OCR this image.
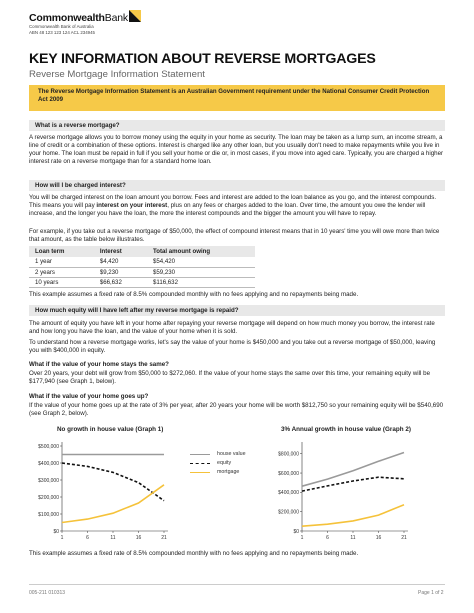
CommonwealthBank
Commonwealth Bank of Australia
ABN 48 123 123 124 ACL 234945
KEY INFORMATION ABOUT REVERSE MORTGAGES
Reverse Mortgage Information Statement
The Reverse Mortgage Information Statement is an Australian Government requirement under the National Consumer Credit Protection Act 2009
What is a reverse mortgage?
A reverse mortgage allows you to borrow money using the equity in your home as security. The loan may be taken as a lump sum, an income stream, a line of credit or a combination of these options. Interest is charged like any other loan, but you usually don't need to make repayments while you live in your home. The loan must be repaid in full if you sell your home or die or, in most cases, if you move into aged care. Typically, you are charged a higher interest rate on a reverse mortgage than for a standard home loan.
How will I be charged interest?
You will be charged interest on the loan amount you borrow. Fees and interest are added to the loan balance as you go, and the interest compounds. This means you will pay interest on your interest, plus on any fees or charges added to the loan. Over time, the amount you owe the lender will increase, and the longer you have the loan, the more the interest compounds and the bigger the amount you will have to repay.
For example, if you take out a reverse mortgage of $50,000, the effect of compound interest means that in 10 years' time you will owe more than twice that amount, as the table below illustrates.
Loan term	Interest	Total amount owing
1 year	$4,420	$54,420
2 years	$9,230	$59,230
10 years	$66,632	$116,632
This example assumes a fixed rate of 8.5% compounded monthly with no fees applying and no repayments being made.
How much equity will I have left after my reverse mortgage is repaid?
The amount of equity you have left in your home after repaying your reverse mortgage will depend on how much money you borrow, the interest rate and how long you have the loan, and the value of your home when it is sold.
To understand how a reverse mortgage works, let's say the value of your home is $450,000 and you take out a reverse mortgage of $50,000, leaving you with $400,000 in equity.
What if the value of your home stays the same?
Over 20 years, your debt will grow from $50,000 to $272,060. If the value of your home stays the same over this time, your remaining equity will be $177,940 (see Graph 1, below).
What if the value of your home goes up?
If the value of your home goes up at the rate of 3% per year, after 20 years your home will be worth $812,750 so your remaining equity will be $540,690 (see Graph 2, below).
No growth in house value (Graph 1)	3% Annual growth in house value (Graph 2)
$500,000
$400,000
$300,000
$200,000
$100,000
$0
1	6	11	16	21
$800,000
$600,000
$400,000
$200,000
$0
1	6	11	16	21
house value
equity
mortgage
This example assumes a fixed rate of 8.5% compounded monthly with no fees applying and no repayments being made.
005-211 010313	Page 1 of 2
